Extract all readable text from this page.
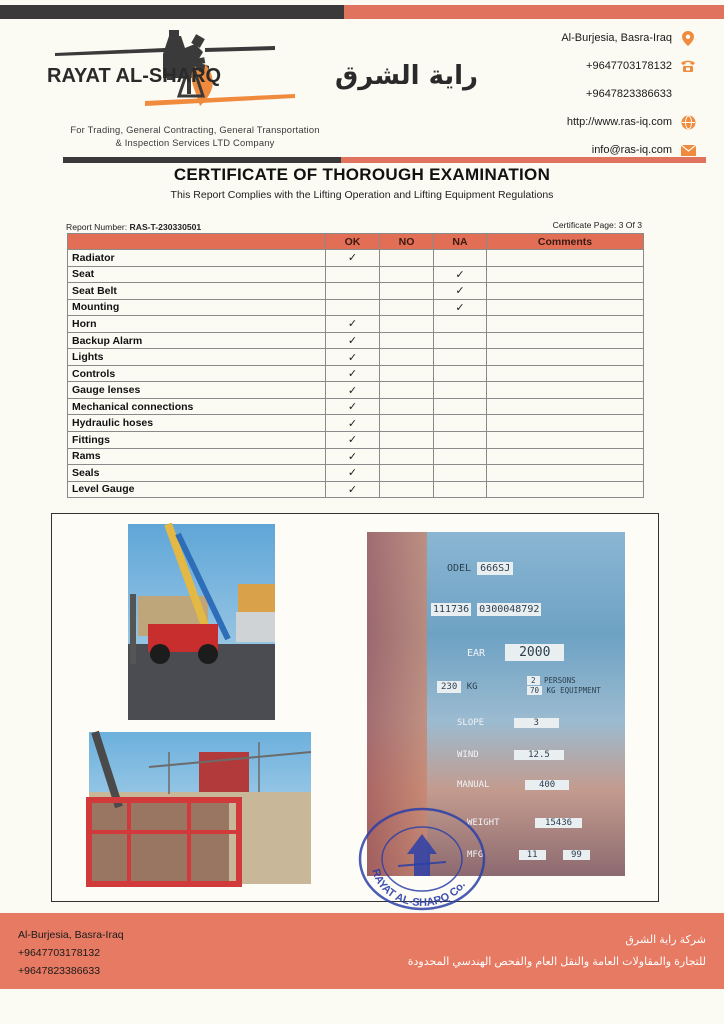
RAYAT AL-SHARQ	راية الشرق
For Trading, General Contracting, General Transportation
& Inspection Services LTD Company
Al-Burjesia, Basra-Iraq
+9647703178132
+9647823386633
http://www.ras-iq.com
info@ras-iq.com
CERTIFICATE OF THOROUGH EXAMINATION
This Report Complies with the Lifting Operation and Lifting Equipment Regulations
Report Number: RAS-T-230330501	Certificate Page: 3 Of 3
	OK	NO	NA	Comments
Radiator	✓			
Seat			✓	
Seat Belt			✓	
Mounting			✓	
Horn	✓			
Backup Alarm	✓			
Lights	✓			
Controls	✓			
Gauge lenses	✓			
Mechanical connections	✓			
Hydraulic hoses	✓			
Fittings	✓			
Rams	✓			
Seals	✓			
Level Gauge	✓			
ODEL 666SJ
111736 0300048792
EAR	2000
230 KG
2 PERSONS
70 KG EQUIPMENT
SLOPE	3
WIND	12.5
MANUAL	400
WEIGHT	15436
MFG	11	99
RAYAT AL-SHARQ Co.
Al-Burjesia, Basra-Iraq
+9647703178132
+9647823386633
شركة راية الشرق
للتجارة والمقاولات العامة والنقل العام والفحص الهندسي المحدودة
